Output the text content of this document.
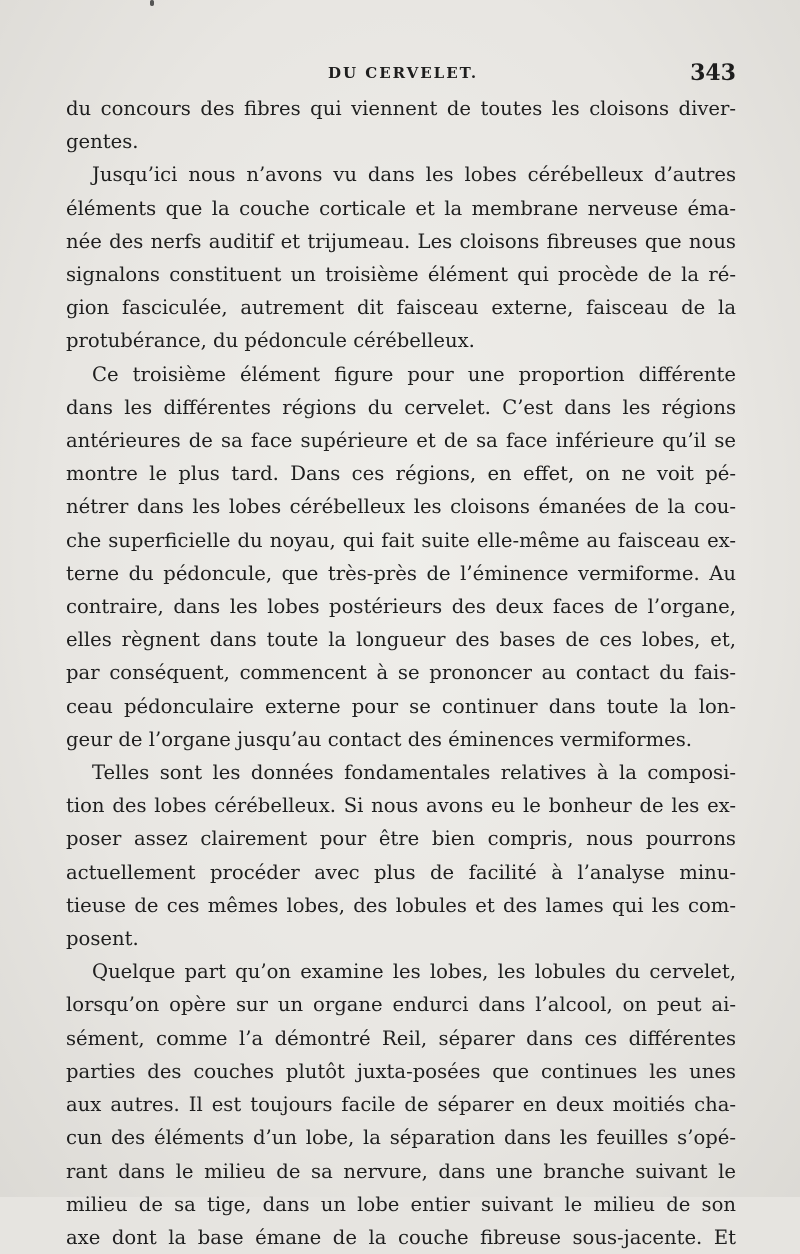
DU CERVELET.	343
du concours des fibres qui viennent de toutes les cloisons diver-
gentes.
Jusqu’ici nous n’avons vu dans les lobes cérébelleux d’autres
éléments que la couche corticale et la membrane nerveuse éma-
née des nerfs auditif et trijumeau. Les cloisons fibreuses que nous
signalons constituent un troisième élément qui procède de la ré-
gion fasciculée, autrement dit faisceau externe, faisceau de la
protubérance, du pédoncule cérébelleux.
Ce troisième élément figure pour une proportion différente
dans les différentes régions du cervelet. C’est dans les régions
antérieures de sa face supérieure et de sa face inférieure qu’il se
montre le plus tard. Dans ces régions, en effet, on ne voit pé-
nétrer dans les lobes cérébelleux les cloisons émanées de la cou-
che superficielle du noyau, qui fait suite elle-même au faisceau ex-
terne du pédoncule, que très-près de l’éminence vermiforme. Au
contraire, dans les lobes postérieurs des deux faces de l’organe,
elles règnent dans toute la longueur des bases de ces lobes, et,
par conséquent, commencent à se prononcer au contact du fais-
ceau pédonculaire externe pour se continuer dans toute la lon-
geur de l’organe jusqu’au contact des éminences vermiformes.
Telles sont les données fondamentales relatives à la composi-
tion des lobes cérébelleux. Si nous avons eu le bonheur de les ex-
poser assez clairement pour être bien compris, nous pourrons
actuellement procéder avec plus de facilité à l’analyse minu-
tieuse de ces mêmes lobes, des lobules et des lames qui les com-
posent.
Quelque part qu’on examine les lobes, les lobules du cervelet,
lorsqu’on opère sur un organe endurci dans l’alcool, on peut ai-
sément, comme l’a démontré Reil, séparer dans ces différentes
parties des couches plutôt juxta-posées que continues les unes
aux autres. Il est toujours facile de séparer en deux moitiés cha-
cun des éléments d’un lobe, la séparation dans les feuilles s’opé-
rant dans le milieu de sa nervure, dans une branche suivant le
milieu de sa tige, dans un lobe entier suivant le milieu de son
axe dont la base émane de la couche fibreuse sous-jacente. Et
